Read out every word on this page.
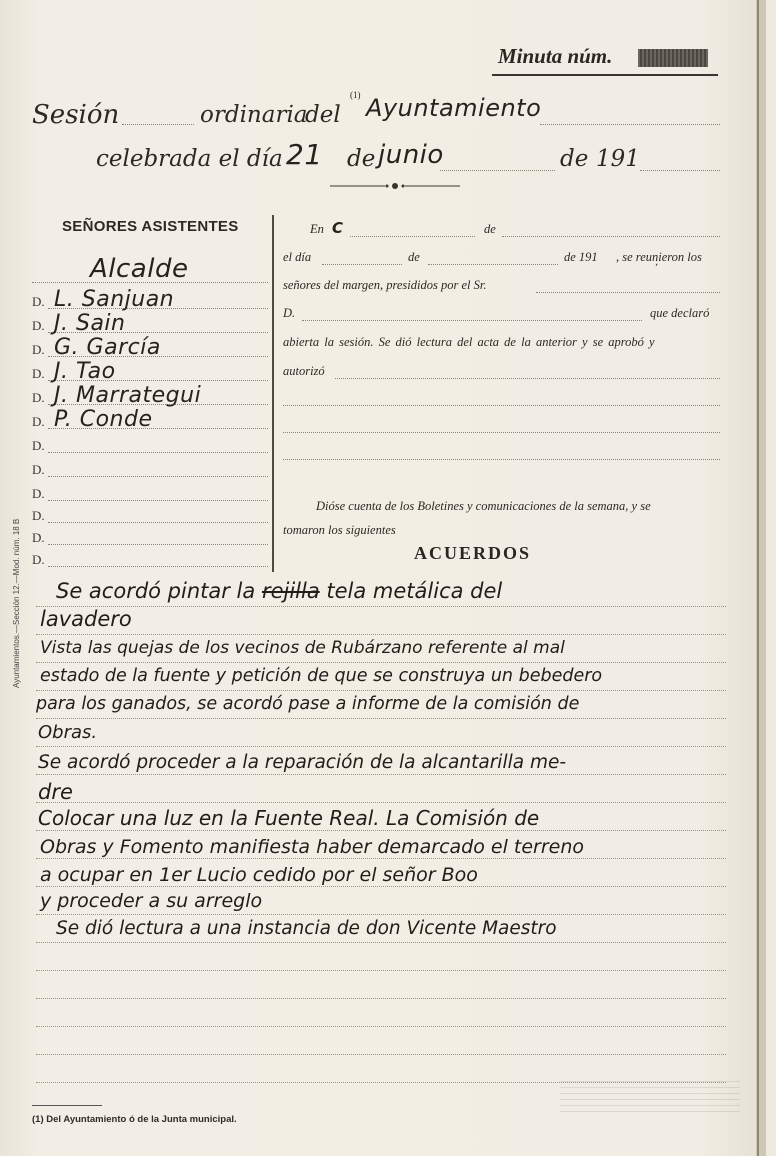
Minuta núm.
Sesión	ordinaria
del
(1) Ayuntamiento
celebrada el día 21 de junio	de 191
SEÑORES ASISTENTES
Alcalde
D. L. Sanjuan
D. J. Sain
D. G. García
D. J. Tao
D. J. Marrategui
D. P. Conde
D.
D.
D.
D.
D.
D.
Ayuntamientos.—Sección 12.—Mod. núm. 18 B
En C	de
el día	de	de 191 , se reunieron los
ʼ
señores del margen, presididos por el Sr.
D.	que declaró
abierta la sesión. Se dió lectura del acta de la anterior y se aprobó y
autorizó
Dióse cuenta de los Boletines y comunicaciones de la semana, y se
tomaron los siguientes
ACUERDOS
Se acordó pintar la rejilla tela metálica del
lavadero
Vista las quejas de los vecinos de Rubárzano referente al mal
estado de la fuente y petición de que se construya un bebedero
para los ganados, se acordó pase a informe de la comisión de
Obras.
Se acordó proceder a la reparación de la alcantarilla me-
dre
Colocar una luz en la Fuente Real. La Comisión de
Obras y Fomento manifiesta haber demarcado el terreno
a ocupar en 1er Lucio cedido por el señor Boo
y proceder a su arreglo
Se dió lectura a una instancia de don Vicente Maestro
(1) Del Ayuntamiento ó de la Junta municipal.
